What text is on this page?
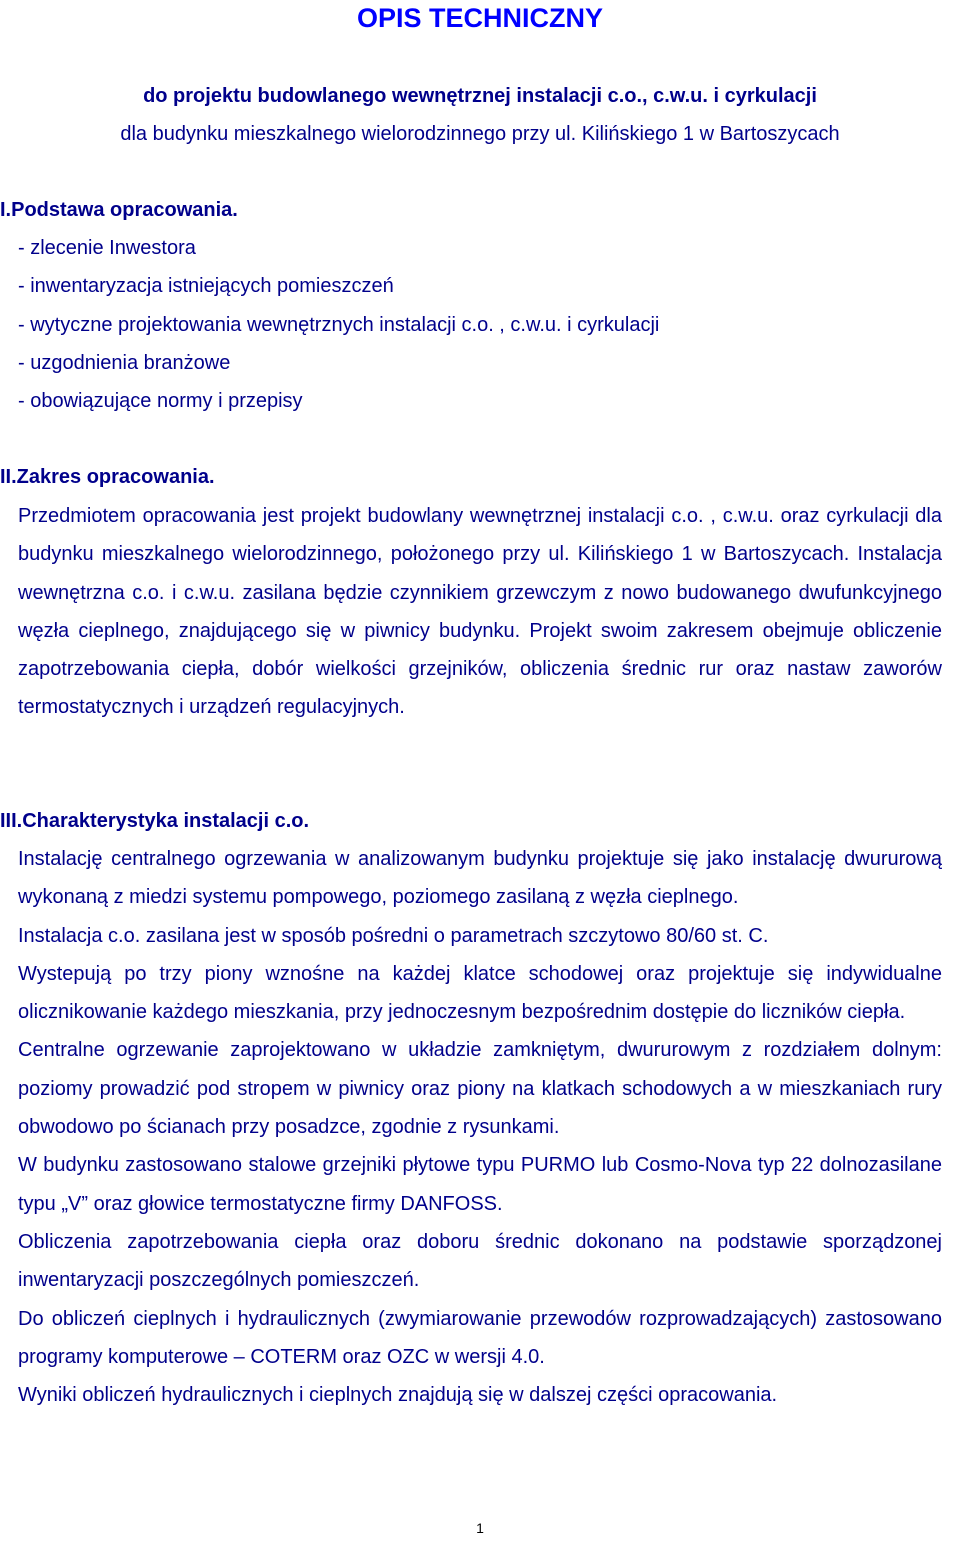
OPIS TECHNICZNY
do projektu budowlanego wewnętrznej instalacji c.o., c.w.u. i cyrkulacji
dla budynku mieszkalnego wielorodzinnego przy ul. Kilińskiego 1 w Bartoszycach
I.Podstawa opracowania.
- zlecenie Inwestora
- inwentaryzacja istniejących pomieszczeń
- wytyczne projektowania wewnętrznych instalacji c.o. , c.w.u. i cyrkulacji
- uzgodnienia branżowe
- obowiązujące normy i przepisy
II.Zakres opracowania.

Przedmiotem opracowania jest projekt budowlany wewnętrznej instalacji c.o. , c.w.u. oraz cyrkulacji dla budynku mieszkalnego wielorodzinnego, położonego przy ul. Kilińskiego 1 w Bartoszycach. Instalacja wewnętrzna c.o. i c.w.u. zasilana będzie czynnikiem grzewczym z nowo budowanego dwufunkcyjnego węzła cieplnego, znajdującego się w piwnicy budynku. Projekt swoim zakresem obejmuje obliczenie zapotrzebowania ciepła, dobór wielkości grzejników, obliczenia średnic rur oraz nastaw zaworów termostatycznych i urządzeń regulacyjnych.

III.Charakterystyka instalacji c.o.

Instalację centralnego ogrzewania w analizowanym budynku projektuje się jako instalację dwururową wykonaną z miedzi systemu pompowego, poziomego zasilaną z węzła cieplnego.

Instalacja c.o. zasilana jest w sposób pośredni o parametrach szczytowo 80/60 st. C.

Wystepują po trzy piony wznośne na każdej klatce schodowej oraz projektuje się indywidualne olicznikowanie każdego mieszkania, przy jednoczesnym bezpośrednim dostępie do liczników ciepła.

Centralne ogrzewanie zaprojektowano w układzie zamkniętym, dwururowym z rozdziałem dolnym: poziomy prowadzić pod stropem w piwnicy oraz piony na klatkach schodowych a w mieszkaniach rury obwodowo po ścianach przy posadzce, zgodnie z rysunkami.

W budynku zastosowano stalowe grzejniki płytowe typu PURMO lub Cosmo-Nova typ 22 dolnozasilane typu „V” oraz głowice termostatyczne firmy DANFOSS.

Obliczenia zapotrzebowania ciepła oraz doboru średnic dokonano na podstawie sporządzonej inwentaryzacji poszczególnych pomieszczeń.

Do obliczeń cieplnych i hydraulicznych (zwymiarowanie przewodów rozprowadzających) zastosowano programy komputerowe – COTERM oraz OZC w wersji 4.0.

Wyniki obliczeń hydraulicznych i cieplnych znajdują się w dalszej części opracowania.

1
